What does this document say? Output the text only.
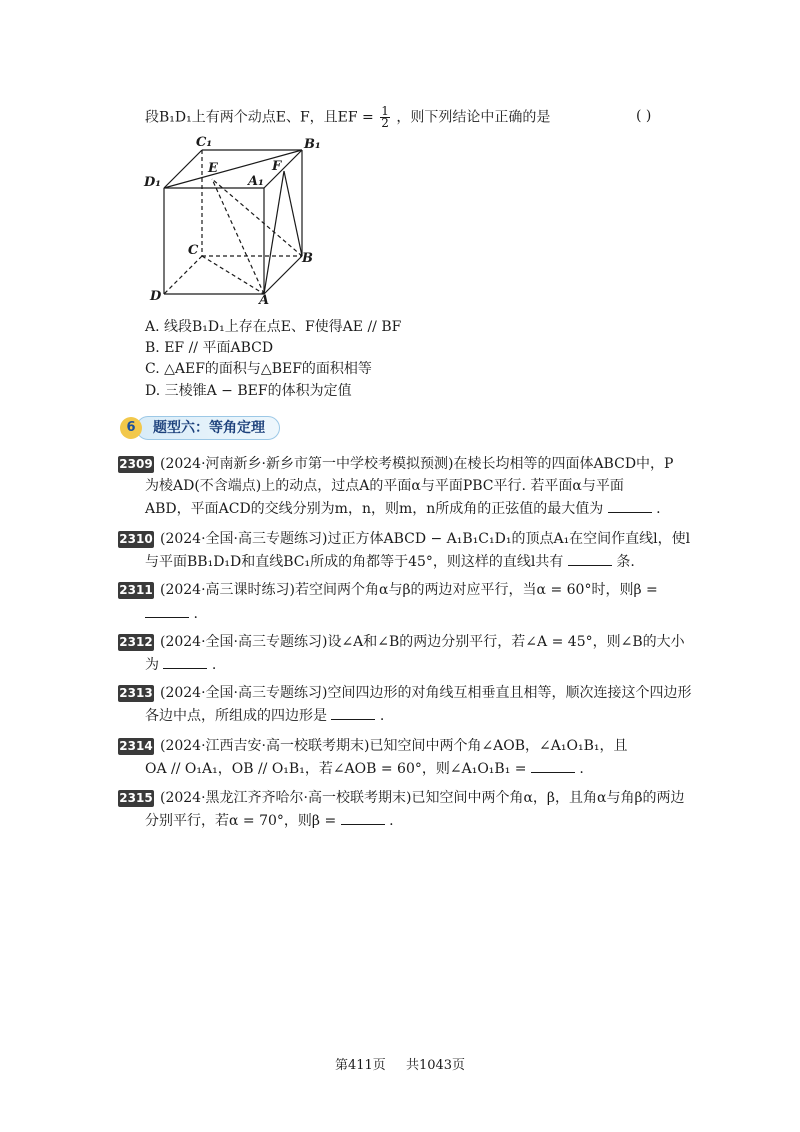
段B₁D₁上有两个动点E、F，且EF = $\frac{1}{2}$ ，则下列结论中正确的是	( )
C₁	B₁
D₁	A₁
E	F
C
B
D	A
A. 线段B₁D₁上存在点E、F使得AE // BF
B. EF // 平面ABCD
C. △AEF的面积与△BEF的面积相等
D. 三棱锥A − BEF的体积为定值
题型六：等角定理
6
2309 (2024·河南新乡·新乡市第一中学校考模拟预测)在棱长均相等的四面体ABCD中，P
为棱AD(不含端点)上的动点，过点A的平面α与平面PBC平行. 若平面α与平面
ABD，平面ACD的交线分别为m，n，则m，n所成角的正弦值的最大值为	.
2310 (2024·全国·高三专题练习)过正方体ABCD − A₁B₁C₁D₁的顶点A₁在空间作直线l，使l
与平面BB₁D₁D和直线BC₁所成的角都等于45°，则这样的直线l共有	条.
2311 (2024·高三课时练习)若空间两个角α与β的两边对应平行，当α = 60°时，则β =
.
2312 (2024·全国·高三专题练习)设∠A和∠B的两边分别平行，若∠A = 45°，则∠B的大小
为	.
2313 (2024·全国·高三专题练习)空间四边形的对角线互相垂直且相等，顺次连接这个四边形
各边中点，所组成的四边形是	.
2314 (2024·江西吉安·高一校联考期末)已知空间中两个角∠AOB，∠A₁O₁B₁，且
OA // O₁A₁，OB // O₁B₁，若∠AOB = 60°，则∠A₁O₁B₁ =	.
2315 (2024·黑龙江齐齐哈尔·高一校联考期末)已知空间中两个角α，β，且角α与角β的两边
分别平行，若α = 70°，则β =	.
第411页 共1043页
